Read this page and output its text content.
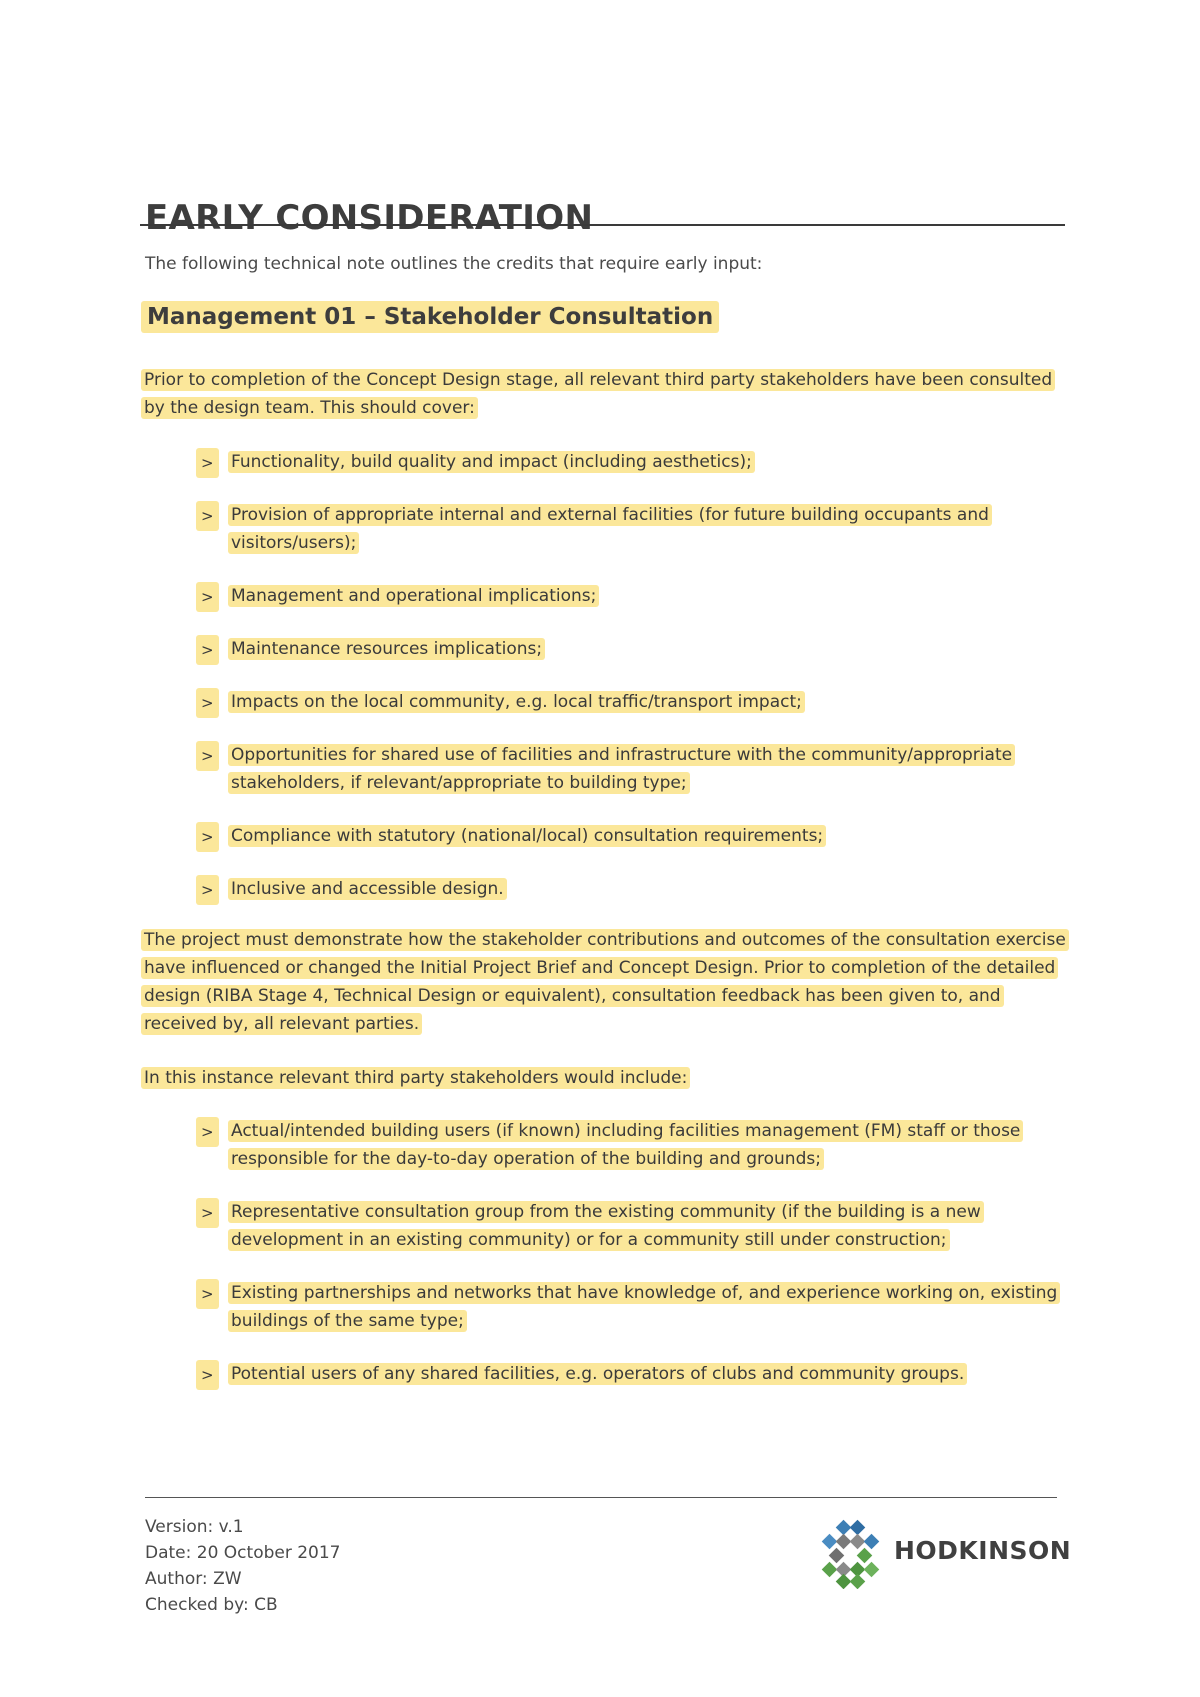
EARLY CONSIDERATION
The following technical note outlines the credits that require early input:
Management 01 – Stakeholder Consultation
Prior to completion of the Concept Design stage, all relevant third party stakeholders have been consulted by the design team. This should cover:
> Functionality, build quality and impact (including aesthetics);
> Provision of appropriate internal and external facilities (for future building occupants and visitors/users);
> Management and operational implications;
> Maintenance resources implications;
> Impacts on the local community, e.g. local traffic/transport impact;
> Opportunities for shared use of facilities and infrastructure with the community/appropriate stakeholders, if relevant/appropriate to building type;
> Compliance with statutory (national/local) consultation requirements;
> Inclusive and accessible design.
The project must demonstrate how the stakeholder contributions and outcomes of the consultation exercise have influenced or changed the Initial Project Brief and Concept Design. Prior to completion of the detailed design (RIBA Stage 4, Technical Design or equivalent), consultation feedback has been given to, and received by, all relevant parties.
In this instance relevant third party stakeholders would include:
> Actual/intended building users (if known) including facilities management (FM) staff or those responsible for the day-to-day operation of the building and grounds;
> Representative consultation group from the existing community (if the building is a new development in an existing community) or for a community still under construction;
> Existing partnerships and networks that have knowledge of, and experience working on, existing buildings of the same type;
> Potential users of any shared facilities, e.g. operators of clubs and community groups.
Version: v.1
Date: 20 October 2017
Author: ZW
Checked by: CB
HODKINSON
